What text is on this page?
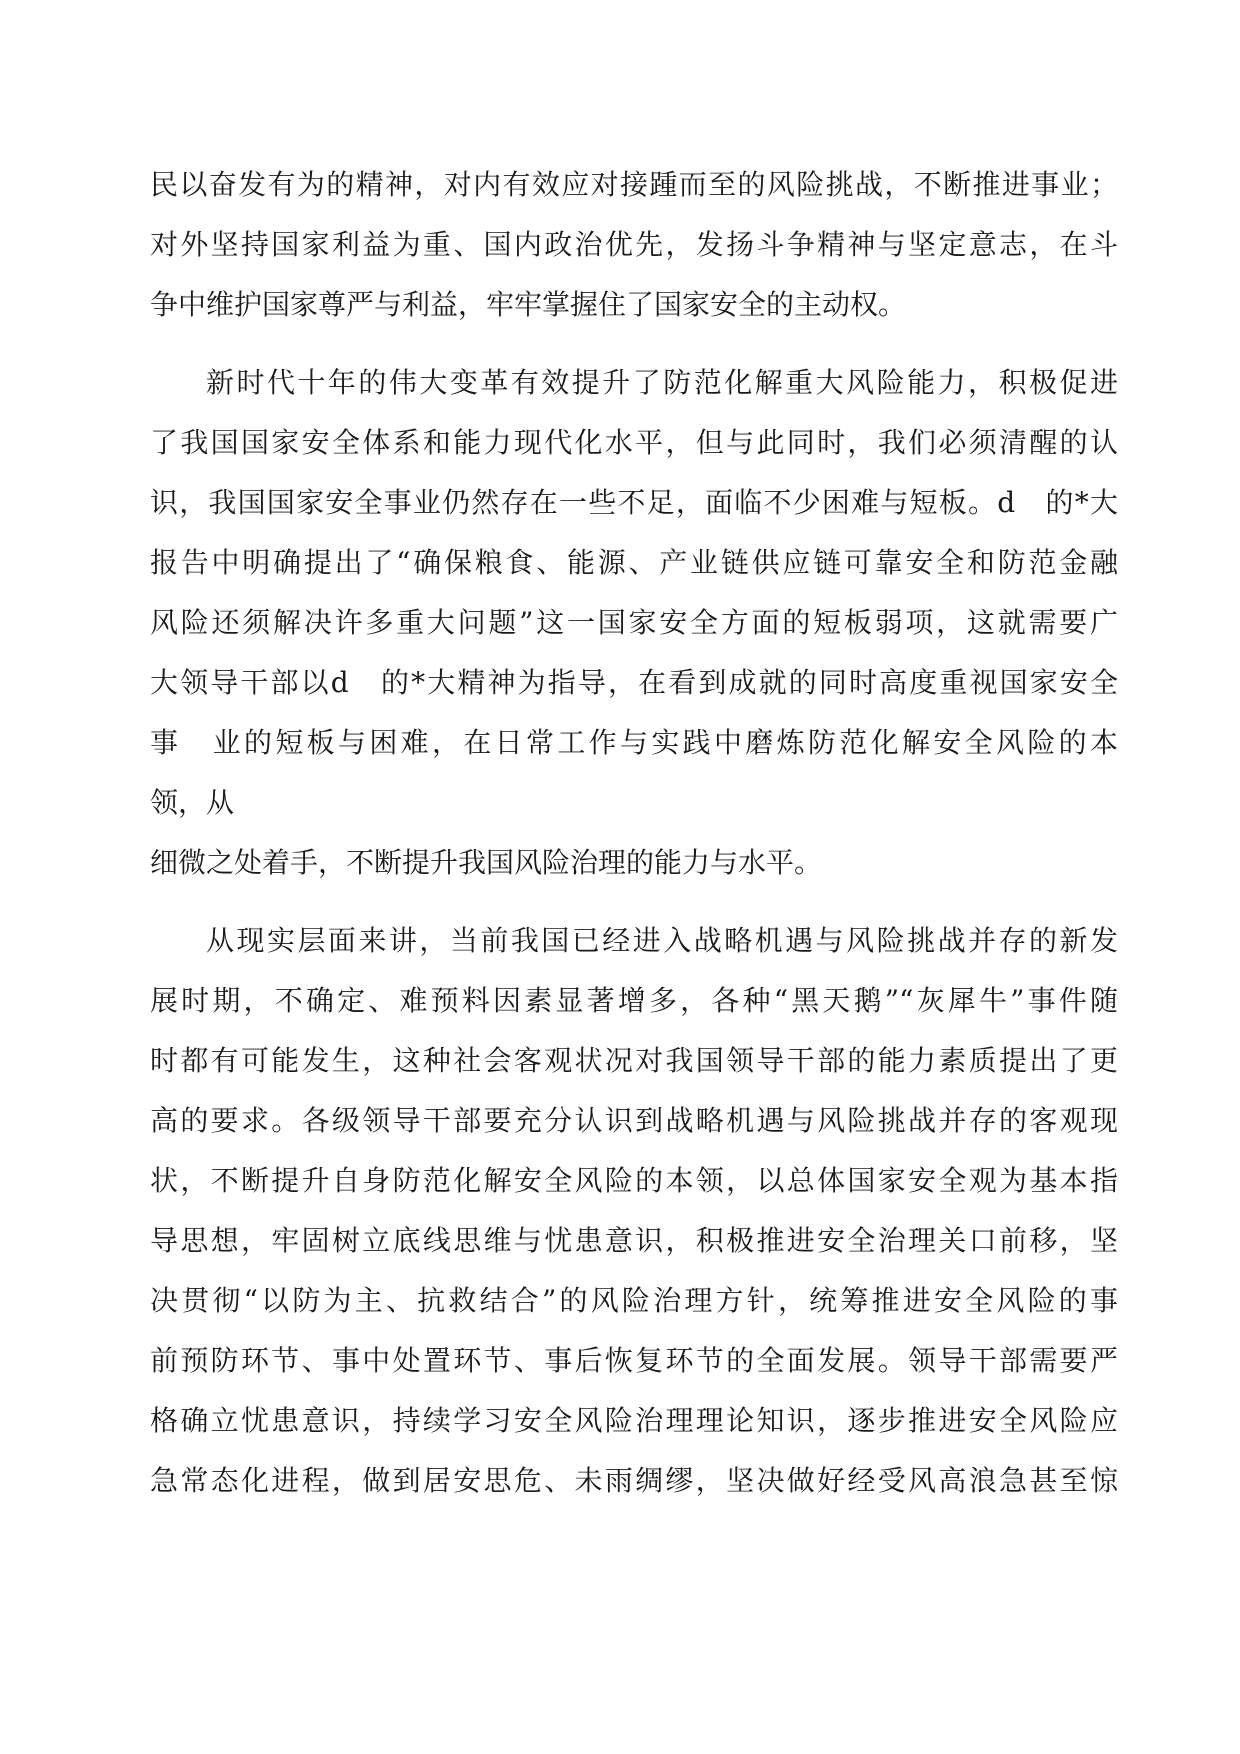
民以奋发有为的精神，对内有效应对接踵而至的风险挑战，不断推进事业；
对外坚持国家利益为重、国内政治优先，发扬斗争精神与坚定意志，在斗
争中维护国家尊严与利益，牢牢掌握住了国家安全的主动权。
新时代十年的伟大变革有效提升了防范化解重大风险能力，积极促进
了我国国家安全体系和能力现代化水平，但与此同时，我们必须清醒的认
识，我国国家安全事业仍然存在一些不足，面临不少困难与短板。d　的*大
报告中明确提出了“确保粮食、能源、产业链供应链可靠安全和防范金融
风险还须解决许多重大问题”这一国家安全方面的短板弱项，这就需要广
大领导干部以d　的*大精神为指导，在看到成就的同时高度重视国家安全
事　业的短板与困难，在日常工作与实践中磨炼防范化解安全风险的本
领，从
细微之处着手，不断提升我国风险治理的能力与水平。
从现实层面来讲，当前我国已经进入战略机遇与风险挑战并存的新发
展时期，不确定、难预料因素显著增多，各种“黑天鹅”“灰犀牛”事件随
时都有可能发生，这种社会客观状况对我国领导干部的能力素质提出了更
高的要求。各级领导干部要充分认识到战略机遇与风险挑战并存的客观现
状，不断提升自身防范化解安全风险的本领，以总体国家安全观为基本指
导思想，牢固树立底线思维与忧患意识，积极推进安全治理关口前移，坚
决贯彻“以防为主、抗救结合”的风险治理方针，统筹推进安全风险的事
前预防环节、事中处置环节、事后恢复环节的全面发展。领导干部需要严
格确立忧患意识，持续学习安全风险治理理论知识，逐步推进安全风险应
急常态化进程，做到居安思危、未雨绸缪，坚决做好经受风高浪急甚至惊
